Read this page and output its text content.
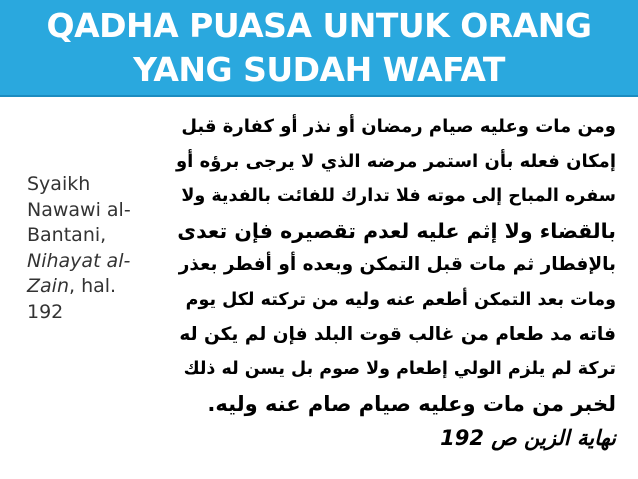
QADHA PUASA UNTUK ORANG
YANG SUDAH WAFAT
Syaikh Nawawi al-Bantani, Nihayat al-Zain, hal. 192
ومن مات وعليه صيام رمضان أو نذر أو كفارة قبل
إمكان فعله بأن استمر مرضه الذي لا يرجى برؤه أو
سفره المباح إلى موته فلا تدارك للفائت بالفدية ولا
بالقضاء ولا إثم عليه لعدم تقصيره فإن تعدى
بالإفطار ثم مات قبل التمكن وبعده أو أفطر بعذر
ومات بعد التمكن أطعم عنه وليه من تركته لكل يوم
فاته مد طعام من غالب قوت البلد فإن لم يكن له
تركة لم يلزم الولي إطعام ولا صوم بل يسن له ذلك
لخبر من مات وعليه صيام صام عنه وليه.
نهاية الزين ص 192
